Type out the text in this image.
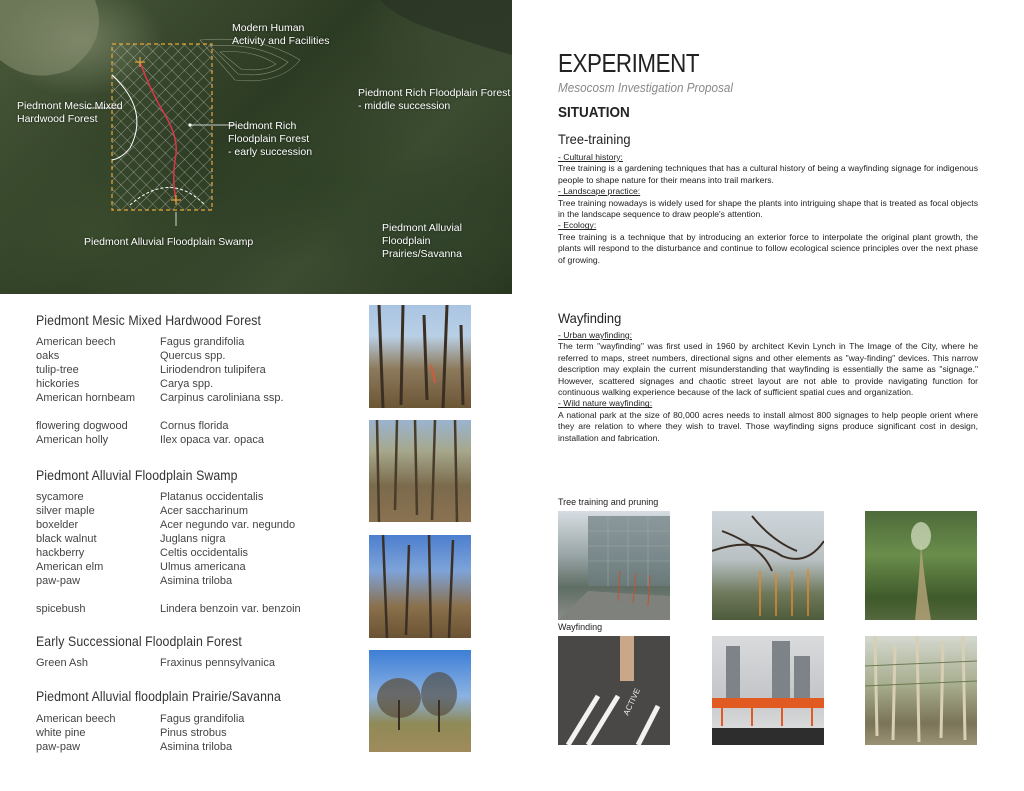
Modern Human
Activity and Facilities
Piedmont Mesic Mixed
Hardwood Forest
Piedmont Rich
Floodplain Forest
- early succession
Piedmont Rich Floodplain Forest
- middle succession
Piedmont Alluvial Floodplain Swamp
Piedmont Alluvial Floodplain
Prairies/Savanna
Piedmont Mesic Mixed Hardwood Forest
American beech	Fagus grandifolia
oaks	Quercus spp.
tulip-tree	Liriodendron tulipifera
hickories	Carya spp.
American hornbeam Carpinus caroliniana ssp.
flowering dogwood	Cornus florida
American holly	Ilex opaca var. opaca
Piedmont Alluvial Floodplain Swamp
sycamore	Platanus occidentalis
silver maple	Acer saccharinum
boxelder	Acer negundo var. negundo
black walnut	Juglans nigra
hackberry	Celtis occidentalis
American elm	Ulmus americana
paw-paw	Asimina triloba
spicebush	Lindera benzoin var. benzoin
Early Successional Floodplain Forest
Green Ash	Fraxinus pennsylvanica
Piedmont Alluvial floodplain Prairie/Savanna
American beech	Fagus grandifolia
white pine	Pinus strobus
paw-paw	Asimina triloba
EXPERIMENT
Mesocosm Investigation Proposal
SITUATION
Tree-training
- Cultural history:

Tree training is a gardening techniques that has a cultural history of being a wayfinding signage for indigenous people to shape nature for their means into trail markers.

- Landscape practice:

Tree training nowadays is widely used for shape the plants into intriguing shape that is treated as focal objects in the landscape sequence to draw people's attention.

- Ecology:

Tree training is a technique that by introducing an exterior force to interpolate the original plant growth, the plants will respond to the disturbance and continue to follow ecological science principles over the next phase of growing.

Wayfinding
- Urban wayfinding:

The term "wayfinding" was first used in 1960 by architect Kevin Lynch in The Image of the City, where he referred to maps, street numbers, directional signs and other elements as "way-finding" devices. This narrow description may explain the current misunderstanding that wayfinding is essentially the same as "signage." However, scattered signages and chaotic street layout are not able to provide navigating function for continuous walking experience because of the lack of sufficient spatial cues and organization.

- Wild nature wayfinding:

A national park at the size of 80,000 acres needs to install almost 800 signages to help people orient where they are relation to where they wish to travel. Those wayfinding signs produce significant cost in design, installation and fabrication.

Tree training and pruning
Wayfinding
ACTIVE
